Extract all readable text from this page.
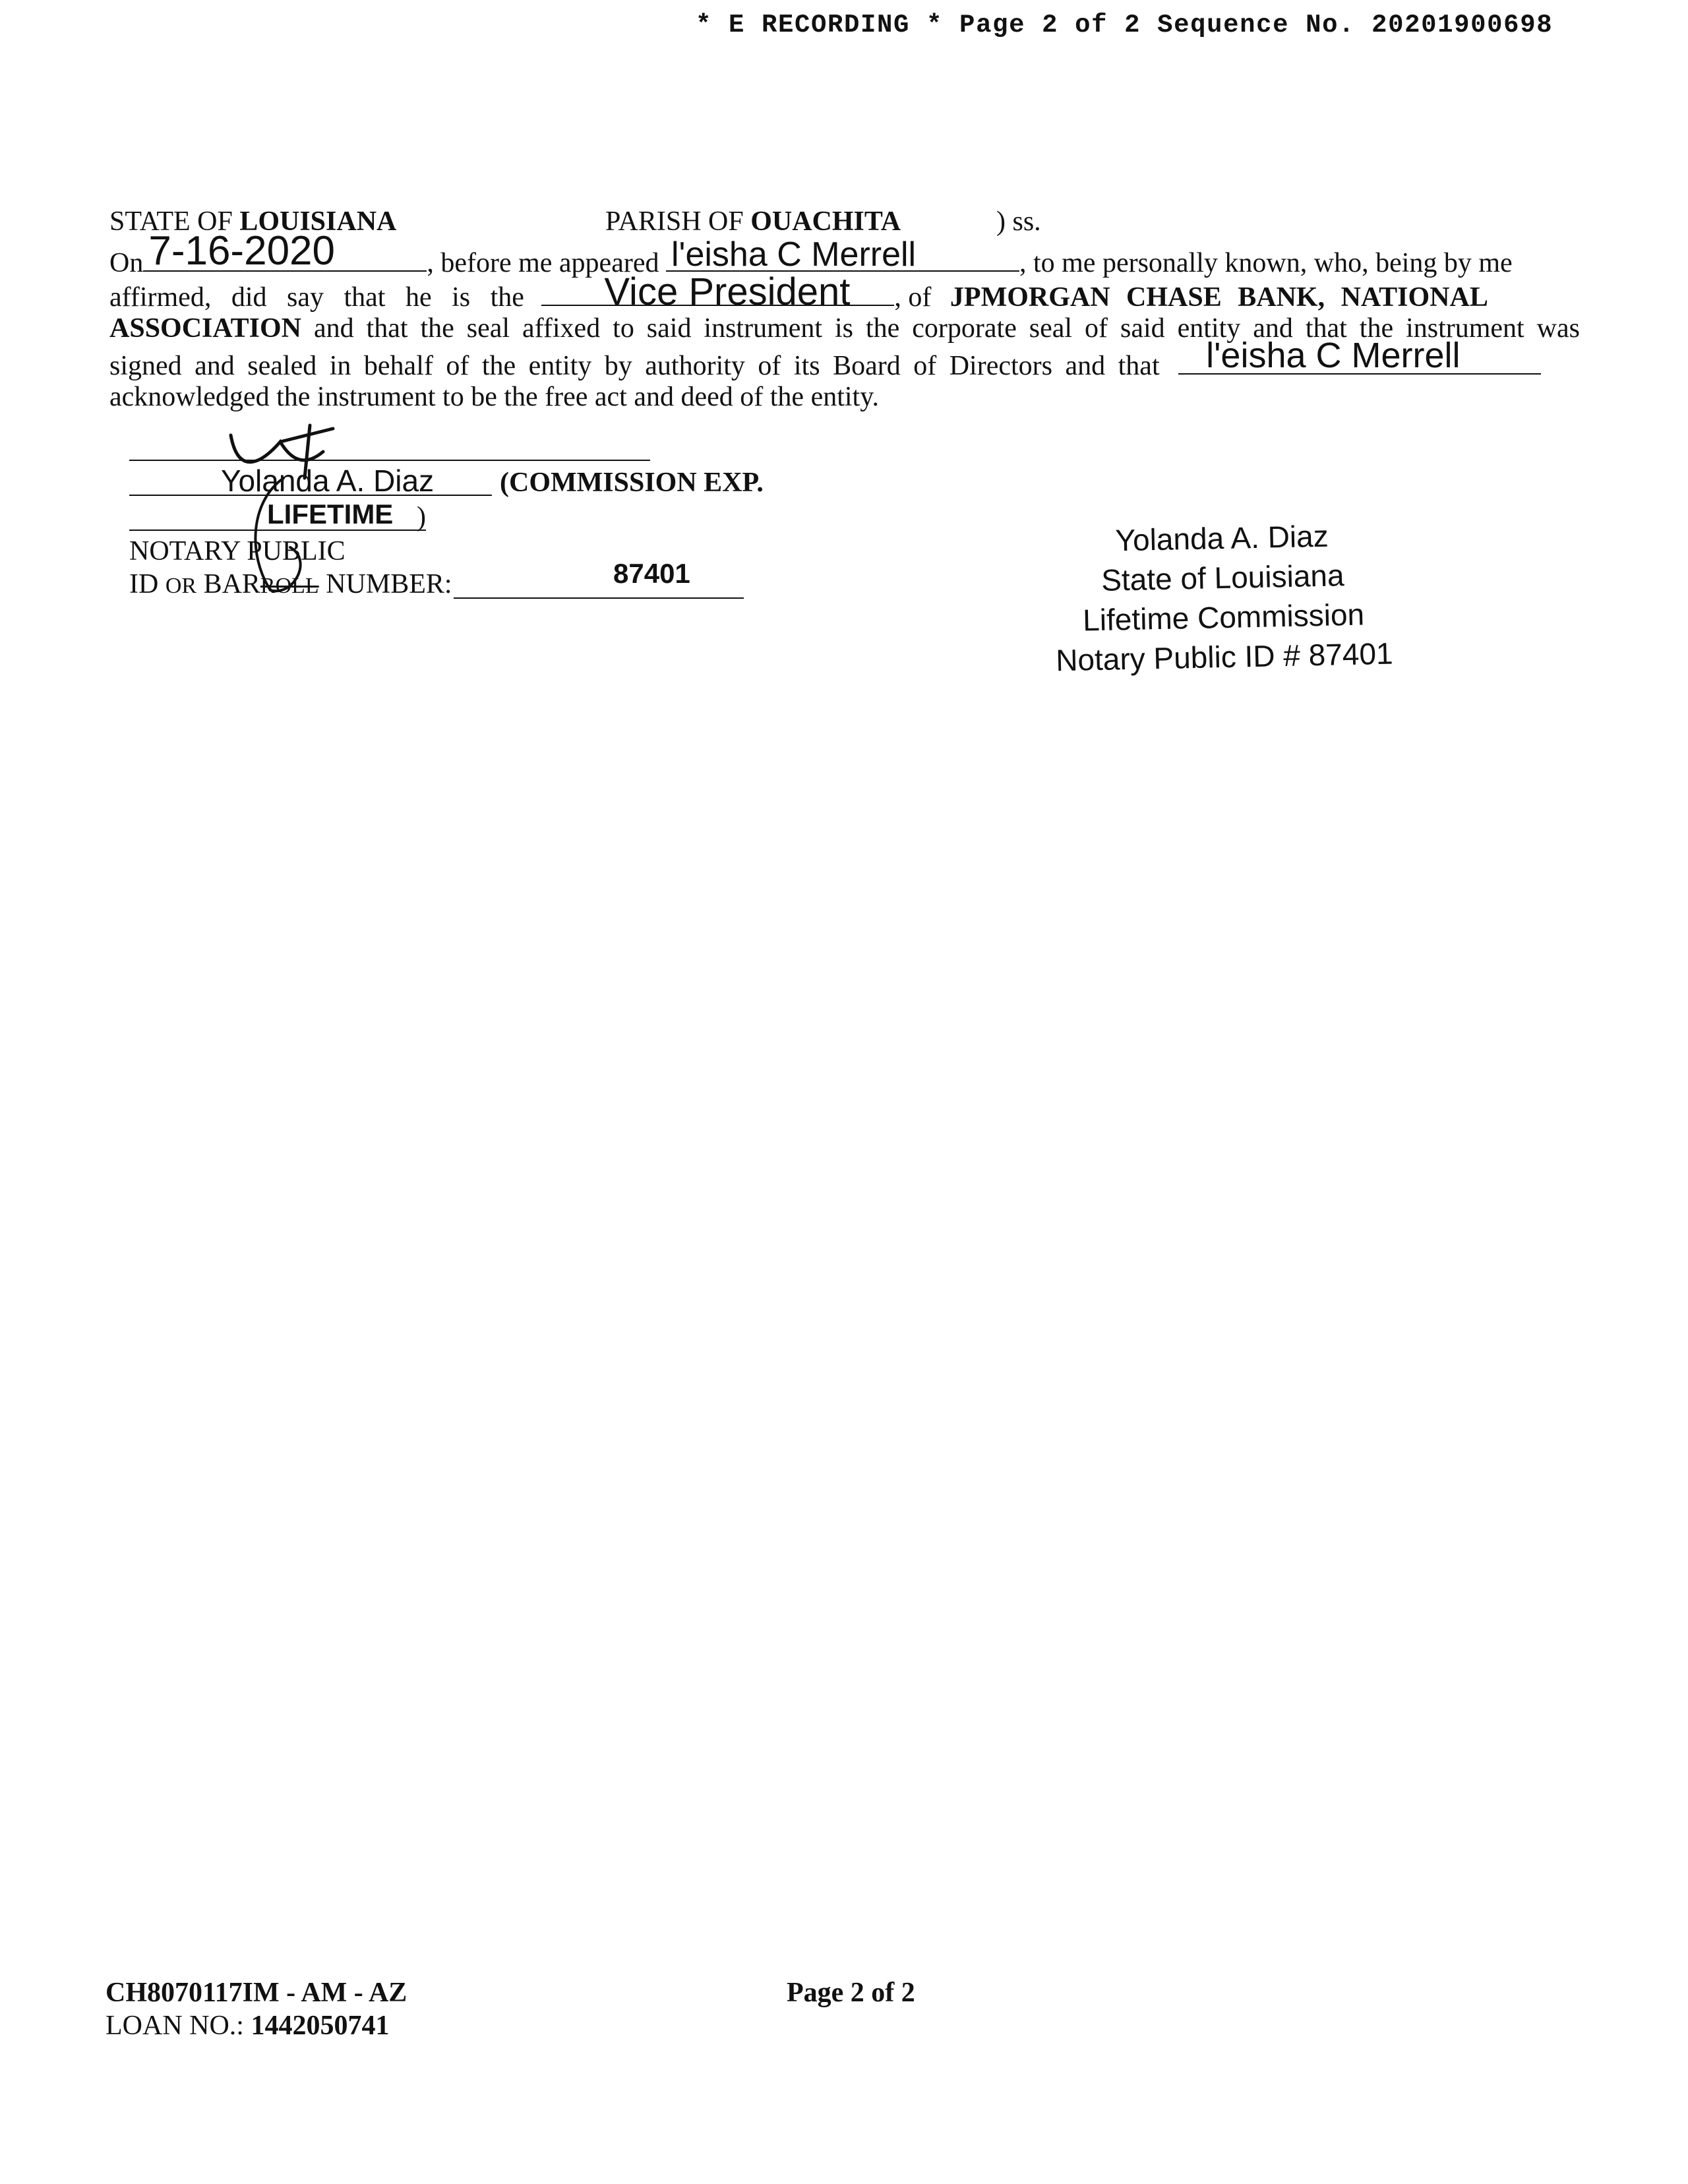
* E RECORDING * Page 2 of 2 Sequence No. 20201900698
STATE OF LOUISIANA	PARISH OF OUACHITA	) ss.
On 7-16-2020	, before me appeared l'eisha C Merrell	, to me personally known, who, being by me
affirmed, did say that he is the Vice President , of JPMORGAN CHASE BANK, NATIONAL
ASSOCIATION and that the seal affixed to said instrument is the corporate seal of said entity and that the instrument was
signed and sealed in behalf of the entity by authority of its Board of Directors and that l'eisha C Merrell
acknowledged the instrument to be the free act and deed of the entity.
Yolanda A. Diaz (COMMISSION EXP.
LIFETIME )
NOTARY PUBLIC
ID OR BARROLL NUMBER:	87401
Yolanda A. Diaz
State of Louisiana
Lifetime Commission
Notary Public ID # 87401
CH8070117IM - AM - AZ
LOAN NO.: 1442050741
Page 2 of 2
